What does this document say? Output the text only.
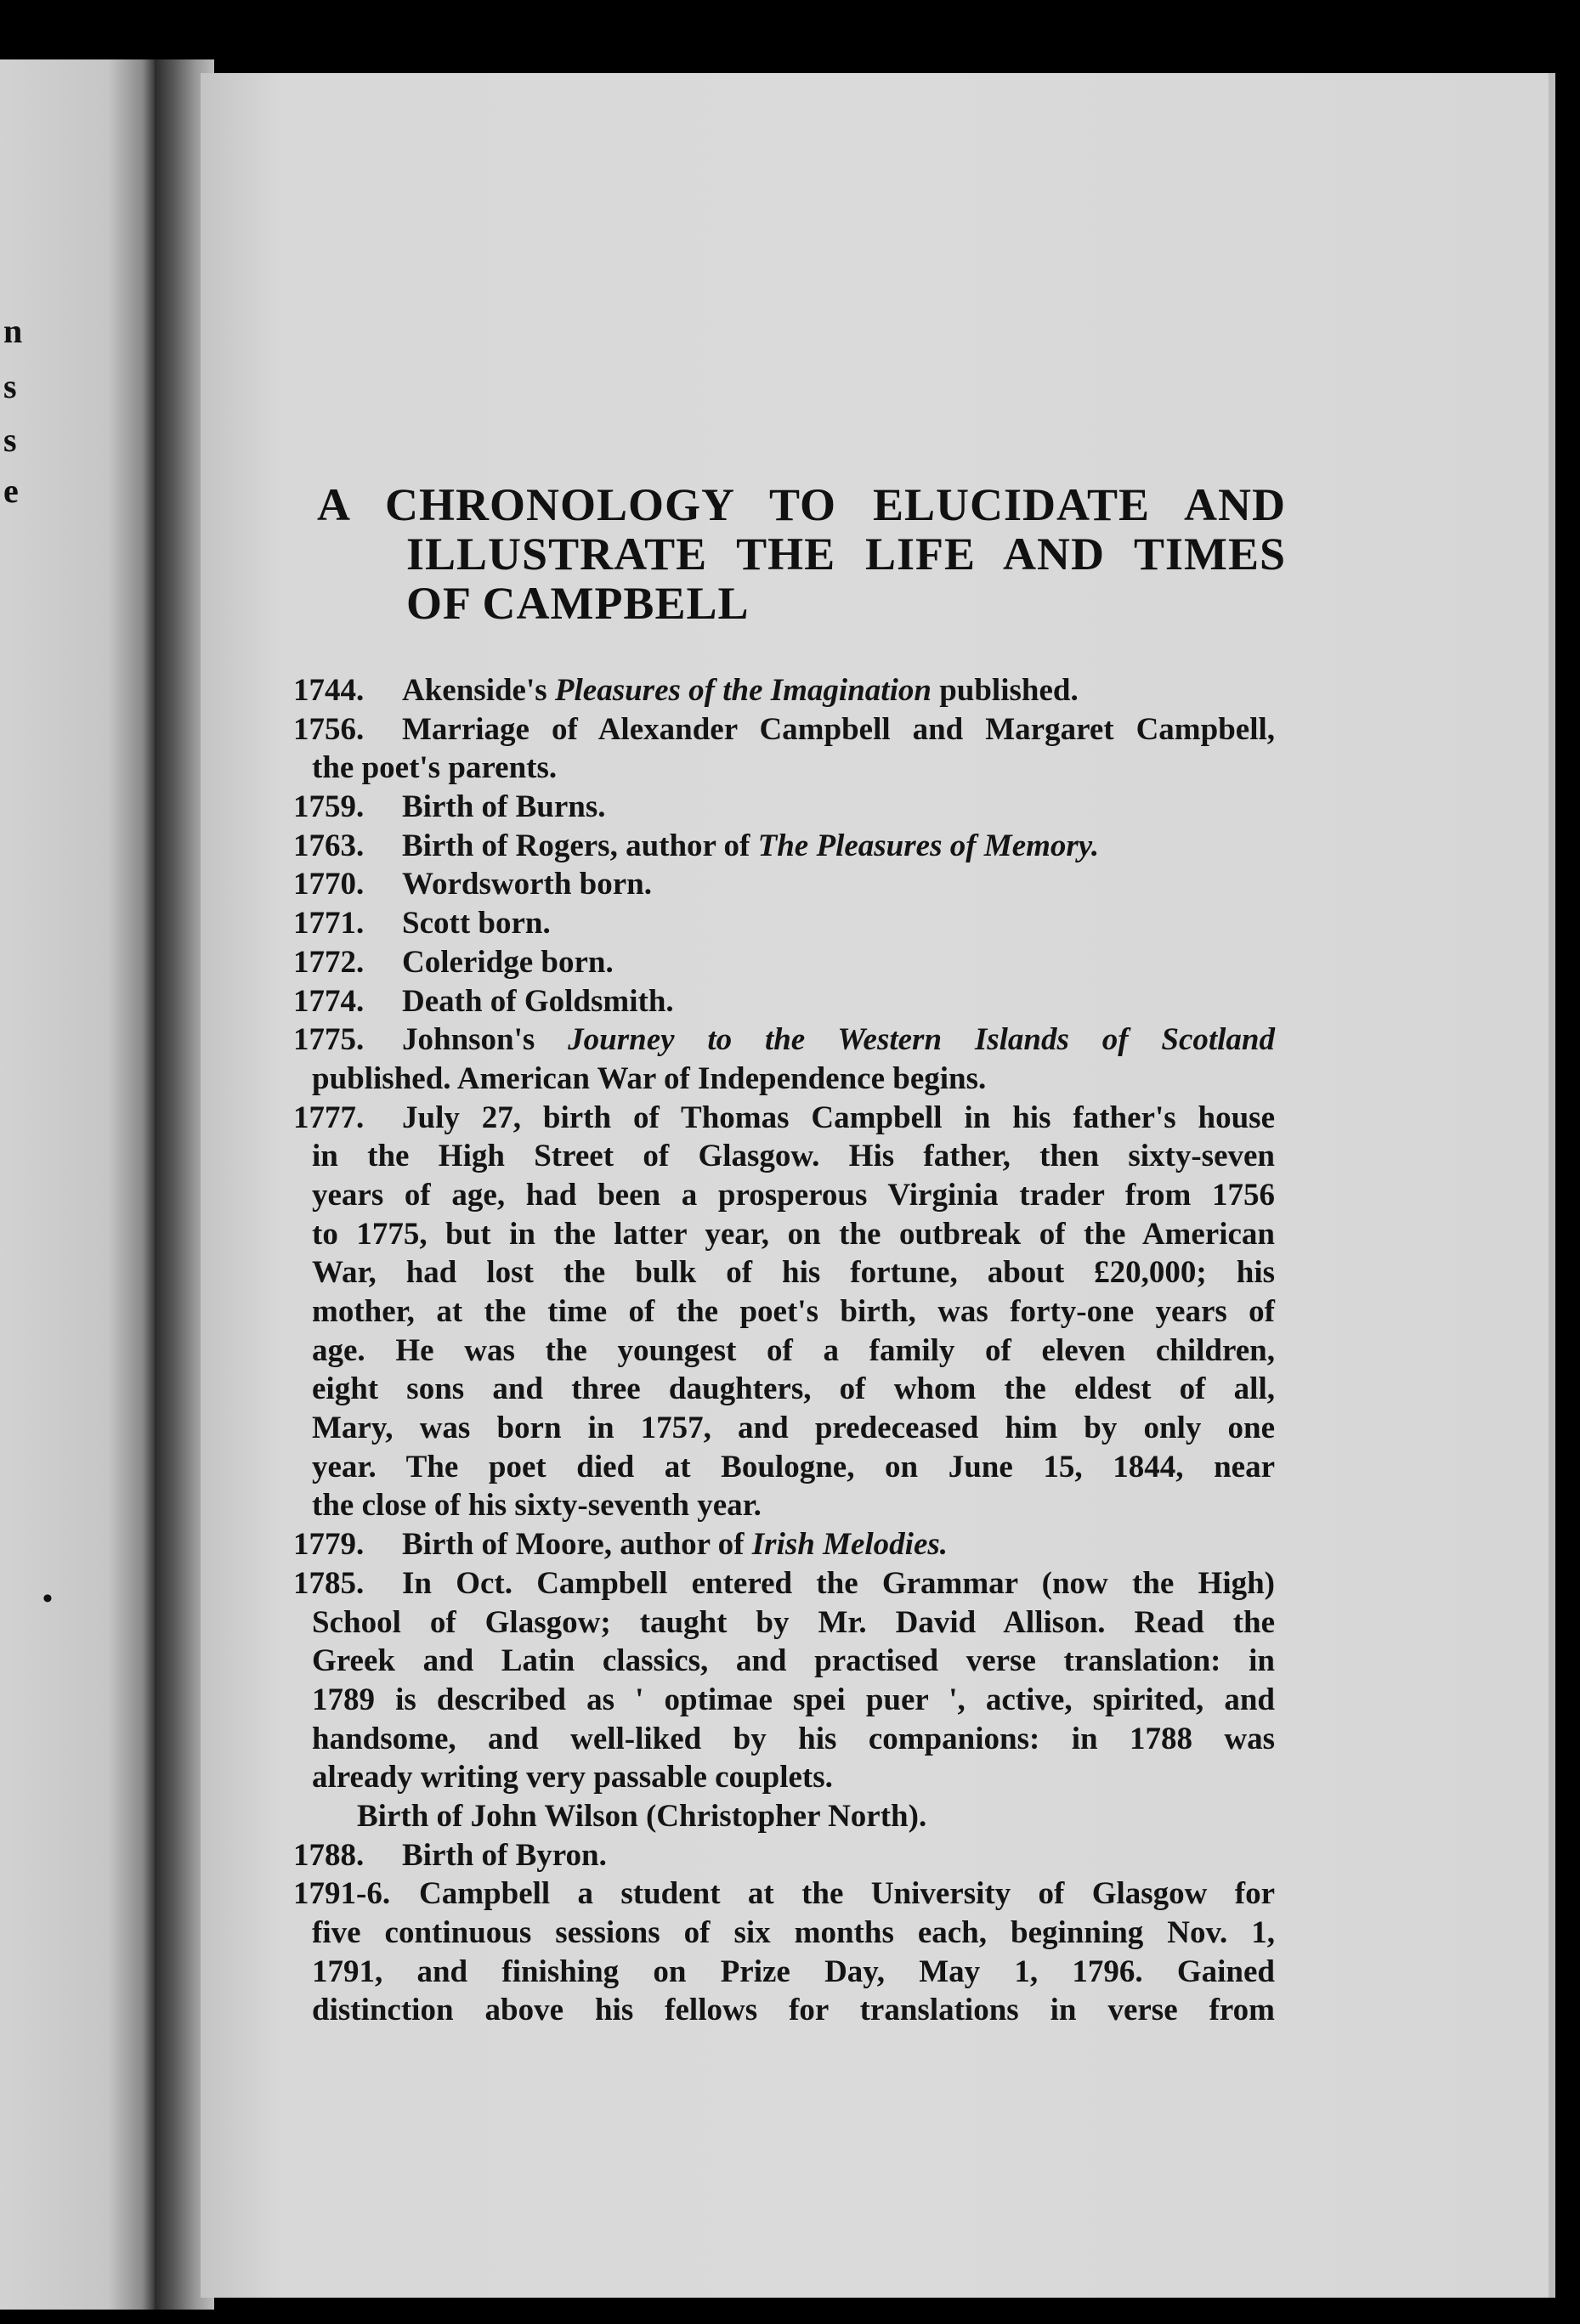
n
s
s
e
•
A CHRONOLOGY TO ELUCIDATE AND
ILLUSTRATE THE LIFE AND TIMES
OF CAMPBELL
1744. Akenside's Pleasures of the Imagination published.
1756. Marriage of Alexander Campbell and Margaret Campbell,
the poet's parents.
1759. Birth of Burns.
1763. Birth of Rogers, author of The Pleasures of Memory.
1770. Wordsworth born.
1771. Scott born.
1772. Coleridge born.
1774. Death of Goldsmith.
1775. Johnson's Journey to the Western Islands of Scotland
published. American War of Independence begins.
1777. July 27, birth of Thomas Campbell in his father's house
in the High Street of Glasgow. His father, then sixty-seven
years of age, had been a prosperous Virginia trader from 1756
to 1775, but in the latter year, on the outbreak of the American
War, had lost the bulk of his fortune, about £20,000; his
mother, at the time of the poet's birth, was forty-one years of
age. He was the youngest of a family of eleven children,
eight sons and three daughters, of whom the eldest of all,
Mary, was born in 1757, and predeceased him by only one
year. The poet died at Boulogne, on June 15, 1844, near
the close of his sixty-seventh year.
1779. Birth of Moore, author of Irish Melodies.
1785. In Oct. Campbell entered the Grammar (now the High)
School of Glasgow; taught by Mr. David Allison. Read the
Greek and Latin classics, and practised verse translation: in
1789 is described as ' optimae spei puer ', active, spirited, and
handsome, and well-liked by his companions: in 1788 was
already writing very passable couplets.
Birth of John Wilson (Christopher North).
1788. Birth of Byron.
1791-6. Campbell a student at the University of Glasgow for
five continuous sessions of six months each, beginning Nov. 1,
1791, and finishing on Prize Day, May 1, 1796. Gained
distinction above his fellows for translations in verse from
